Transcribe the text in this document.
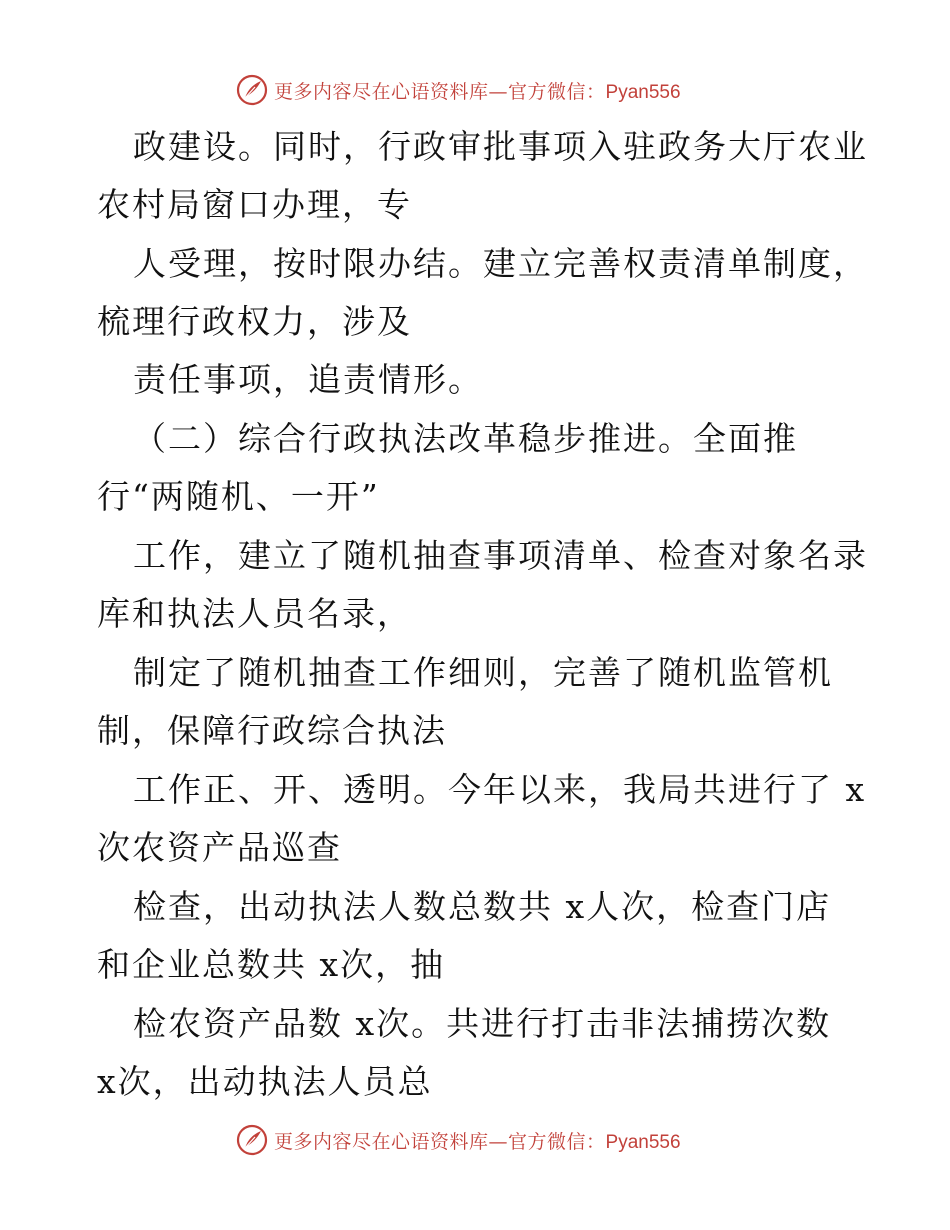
更多内容尽在心语资料库—官方微信：Pyan556
政建设。同时，行政审批事项入驻政务大厅农业
农村局窗口办理，专
人受理，按时限办结。建立完善权责清单制度，
梳理行政权力，涉及
责任事项，追责情形。
（二）综合行政执法改革稳步推进。全面推
行“两随机、一开”
工作，建立了随机抽查事项清单、检查对象名录
库和执法人员名录，
制定了随机抽查工作细则，完善了随机监管机
制，保障行政综合执法
工作正、开、透明。今年以来，我局共进行了 x
次农资产品巡查
检查，出动执法人数总数共 x人次，检查门店
和企业总数共 x次，抽
检农资产品数 x次。共进行打击非法捕捞次数
x次，出动执法人员总
更多内容尽在心语资料库—官方微信：Pyan556
